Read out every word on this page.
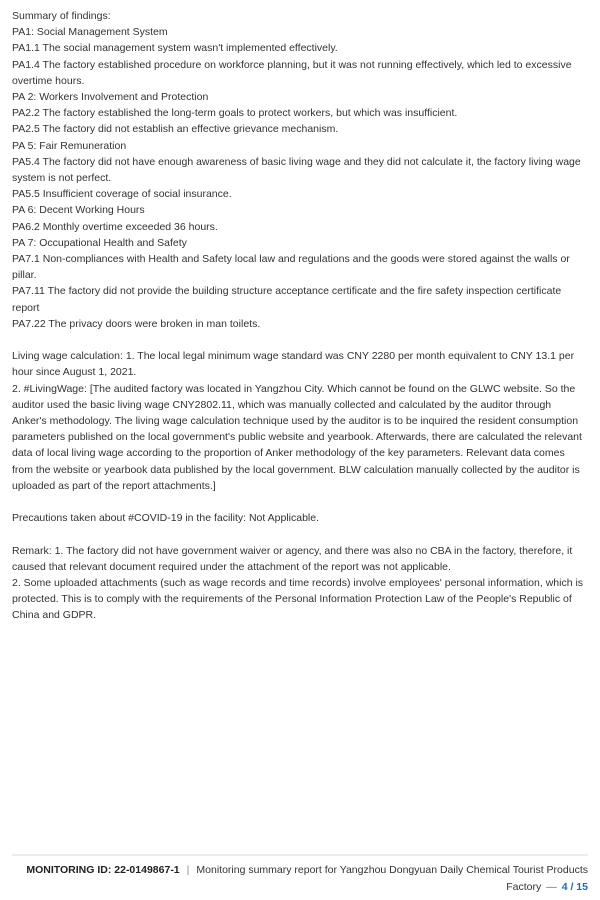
Summary of findings:
PA1: Social Management System
PA1.1 The social management system wasn't implemented effectively.
PA1.4 The factory established procedure on workforce planning, but it was not running effectively, which led to excessive overtime hours.
PA 2: Workers Involvement and Protection
PA2.2 The factory established the long-term goals to protect workers, but which was insufficient.
PA2.5 The factory did not establish an effective grievance mechanism.
PA 5: Fair Remuneration
PA5.4 The factory did not have enough awareness of basic living wage and they did not calculate it, the factory living wage system is not perfect.
PA5.5 Insufficient coverage of social insurance.
PA 6: Decent Working Hours
PA6.2 Monthly overtime exceeded 36 hours.
PA 7: Occupational Health and Safety
PA7.1 Non-compliances with Health and Safety local law and regulations and the goods were stored against the walls or pillar.
PA7.11 The factory did not provide the building structure acceptance certificate and the fire safety inspection certificate report
PA7.22 The privacy doors were broken in man toilets.
Living wage calculation: 1. The local legal minimum wage standard was CNY 2280 per month equivalent to CNY 13.1 per hour since August 1, 2021.
2. #LivingWage: [The audited factory was located in Yangzhou City. Which cannot be found on the GLWC website. So the auditor used the basic living wage CNY2802.11, which was manually collected and calculated by the auditor through Anker's methodology. The living wage calculation technique used by the auditor is to be inquired the resident consumption parameters published on the local government's public website and yearbook. Afterwards, there are calculated the relevant data of local living wage according to the proportion of Anker methodology of the key parameters. Relevant data comes from the website or yearbook data published by the local government. BLW calculation manually collected by the auditor is uploaded as part of the report attachments.]
Precautions taken about #COVID-19 in the facility: Not Applicable.
Remark: 1. The factory did not have government waiver or agency, and there was also no CBA in the factory, therefore, it caused that relevant document required under the attachment of the report was not applicable.
2. Some uploaded attachments (such as wage records and time records) involve employees' personal information, which is protected. This is to comply with the requirements of the Personal Information Protection Law of the People's Republic of China and GDPR.
MONITORING ID: 22-0149867-1 | Monitoring summary report for Yangzhou Dongyuan Daily Chemical Tourist Products Factory — 4 / 15
